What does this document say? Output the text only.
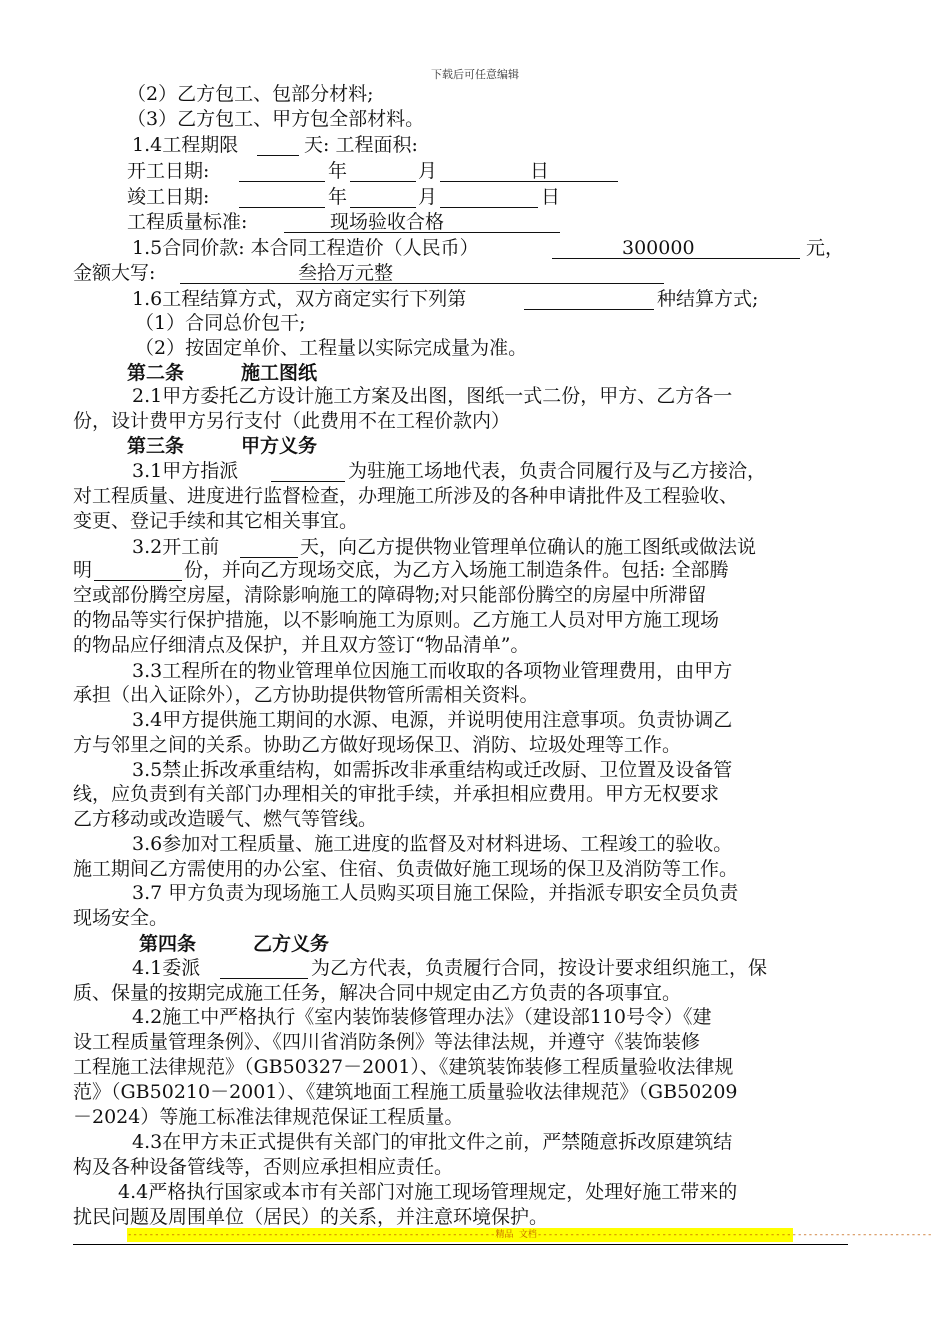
下载后可任意编辑
（2）乙方包工、包部分材料;
（3）乙方包工、甲方包全部材料。
1.4工程期限	天: 工程面积:
开工日期:	年	月	日
竣工日期:	年	月	日
工程质量标准:	现场验收合格
1.5合同价款: 本合同工程造价（人民币）	300000	元，
金额大写:	叁拾万元整
1.6工程结算方式，双方商定实行下列第	种结算方式;
（1）合同总价包干;
（2）按固定单价、工程量以实际完成量为准。
第二条　　　施工图纸
2.1甲方委托乙方设计施工方案及出图，图纸一式二份，甲方、乙方各一
份，设计费甲方另行支付（此费用不在工程价款内）
第三条　　　甲方义务
3.1甲方指派	为驻施工场地代表，负责合同履行及与乙方接洽，
对工程质量、进度进行监督检查，办理施工所涉及的各种申请批件及工程验收、
变更、登记手续和其它相关事宜。
3.2开工前	天，向乙方提供物业管理单位确认的施工图纸或做法说
明	份，并向乙方现场交底，为乙方入场施工制造条件。包括: 全部腾
空或部份腾空房屋，清除影响施工的障碍物;对只能部份腾空的房屋中所滞留
的物品等实行保护措施，以不影响施工为原则。乙方施工人员对甲方施工现场
的物品应仔细清点及保护，并且双方签订“物品清单”。
3.3工程所在的物业管理单位因施工而收取的各项物业管理费用，由甲方
承担（出入证除外），乙方协助提供物管所需相关资料。
3.4甲方提供施工期间的水源、电源，并说明使用注意事项。负责协调乙
方与邻里之间的关系。协助乙方做好现场保卫、消防、垃圾处理等工作。
3.5禁止拆改承重结构，如需拆改非承重结构或迁改厨、卫位置及设备管
线，应负责到有关部门办理相关的审批手续，并承担相应费用。甲方无权要求
乙方移动或改造暖气、燃气等管线。
3.6参加对工程质量、施工进度的监督及对材料进场、工程竣工的验收。
施工期间乙方需使用的办公室、住宿、负责做好施工现场的保卫及消防等工作。
3.7 甲方负责为现场施工人员购买项目施工保险，并指派专职安全员负责
现场安全。
第四条　　　乙方义务
4.1委派	为乙方代表，负责履行合同，按设计要求组织施工，保
质、保量的按期完成施工任务，解决合同中规定由乙方负责的各项事宜。
4.2施工中严格执行《室内装饰装修管理办法》（建设部110号令）《建
设工程质量管理条例》、《四川省消防条例》等法律法规，并遵守《装饰装修
工程施工法律规范》（GB50327－2001）、《建筑装饰装修工程质量验收法律规
范》（GB50210－2001）、《建筑地面工程施工质量验收法律规范》（GB50209
－2024）等施工标准法律规范保证工程质量。
4.3在甲方未正式提供有关部门的审批文件之前，严禁随意拆改原建筑结
构及各种设备管线等，否则应承担相应责任。
4.4严格执行国家或本市有关部门对施工现场管理规定，处理好施工带来的
扰民问题及周围单位（居民）的关系，并注意环境保护。
--------------------------------------------------------------------精品 文档-------------------------------------------------------------------------
